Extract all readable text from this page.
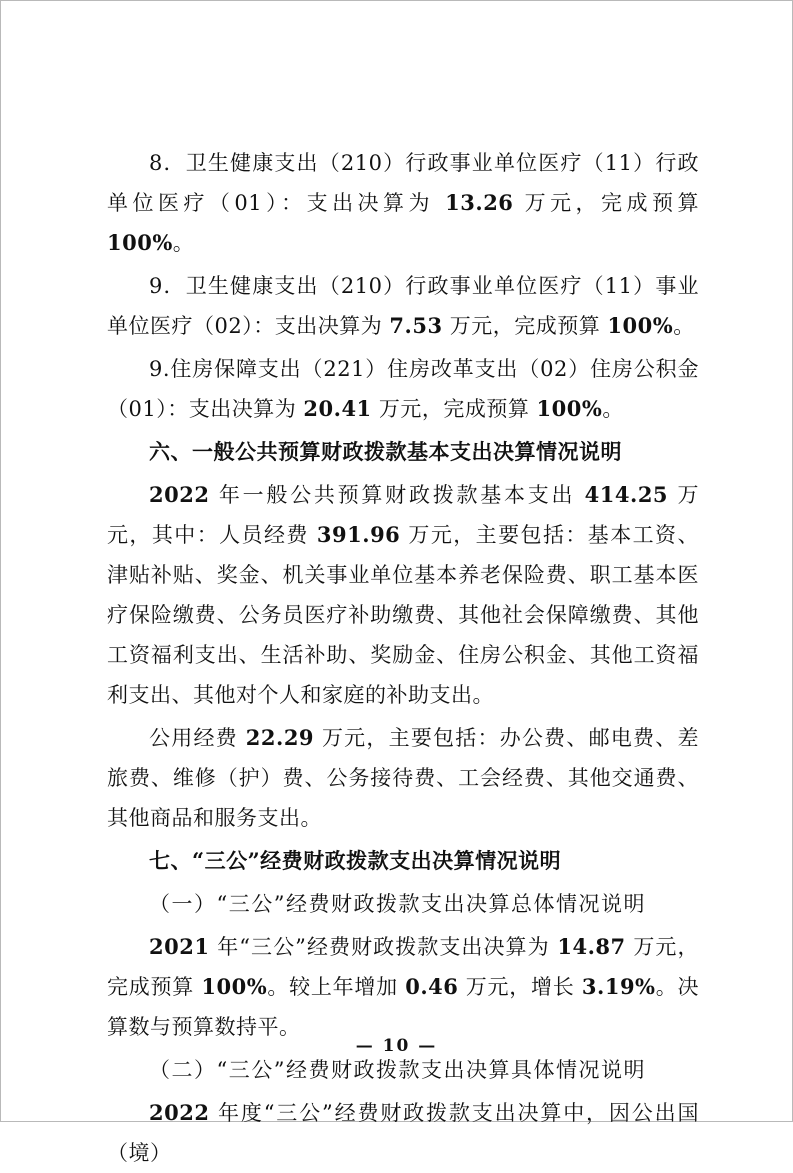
8．卫生健康支出（210）行政事业单位医疗（11）行政单位医疗（01）：支出决算为 13.26 万元，完成预算 100%。

9．卫生健康支出（210）行政事业单位医疗（11）事业单位医疗（02）：支出决算为 7.53 万元，完成预算 100%。

9.住房保障支出（221）住房改革支出（02）住房公积金（01）：支出决算为 20.41 万元，完成预算 100%。

六、一般公共预算财政拨款基本支出决算情况说明

2022 年一般公共预算财政拨款基本支出 414.25 万元，其中：人员经费 391.96 万元，主要包括：基本工资、津贴补贴、奖金、机关事业单位基本养老保险费、职工基本医疗保险缴费、公务员医疗补助缴费、其他社会保障缴费、其他工资福利支出、生活补助、奖励金、住房公积金、其他工资福利支出、其他对个人和家庭的补助支出。

公用经费 22.29 万元，主要包括：办公费、邮电费、差旅费、维修（护）费、公务接待费、工会经费、其他交通费、其他商品和服务支出。

七、“三公”经费财政拨款支出决算情况说明

（一）“三公”经费财政拨款支出决算总体情况说明

2021 年“三公”经费财政拨款支出决算为 14.87 万元，完成预算 100%。较上年增加 0.46 万元，增长 3.19%。决算数与预算数持平。

（二）“三公”经费财政拨款支出决算具体情况说明

2022 年度“三公”经费财政拨款支出决算中，因公出国（境）

— 10 —
